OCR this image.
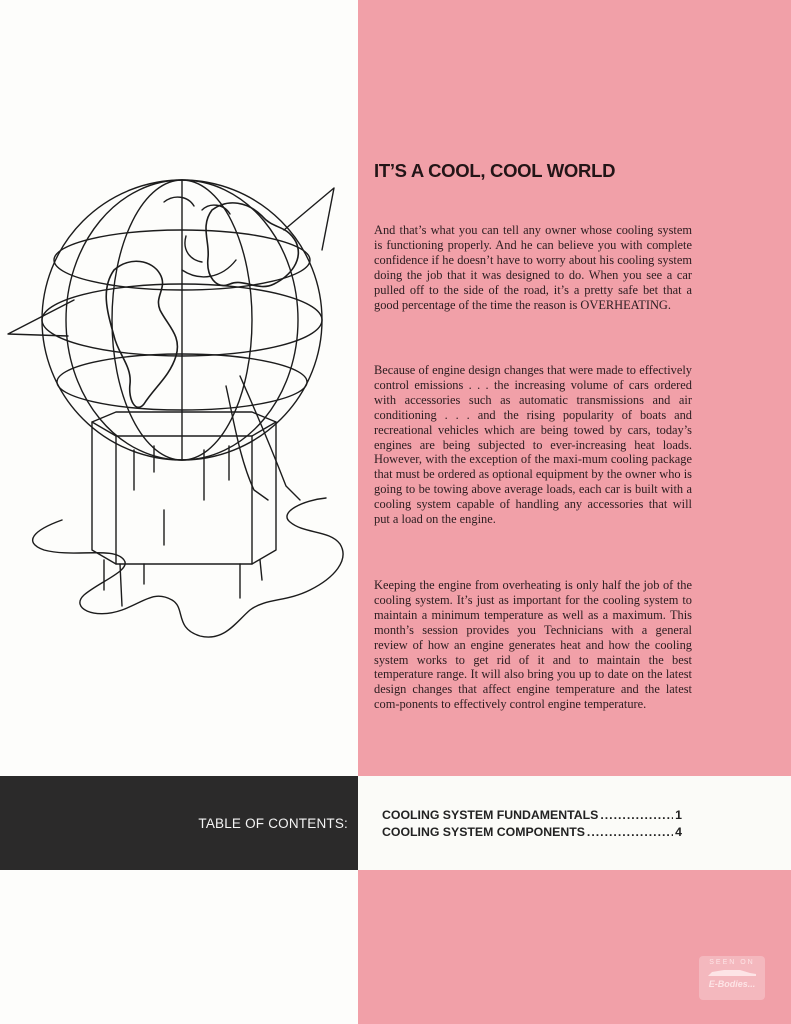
IT’S A COOL, COOL WORLD

And that’s what you can tell any owner whose cooling system is functioning properly. And he can believe you with complete confidence if he doesn’t have to worry about his cooling system doing the job that it was designed to do. When you see a car pulled off to the side of the road, it’s a pretty safe bet that a good percentage of the time the reason is OVERHEATING.

Because of engine design changes that were made to effectively control emissions . . . the increasing volume of cars ordered with accessories such as automatic transmissions and air conditioning . . . and the rising popularity of boats and recreational vehicles which are being towed by cars, today’s engines are being subjected to ever-increasing heat loads. However, with the exception of the maxi-mum cooling package that must be ordered as optional equipment by the owner who is going to be towing above average loads, each car is built with a cooling system capable of handling any accessories that will put a load on the engine.

Keeping the engine from overheating is only half the job of the cooling system. It’s just as important for the cooling system to maintain a minimum temperature as well as a maximum. This month’s session provides you Technicians with a general review of how an engine generates heat and how the cooling system works to get rid of it and to maintain the best temperature range. It will also bring you up to date on the latest design changes that affect engine temperature and the latest com-ponents to effectively control engine temperature.

TABLE OF CONTENTS:

COOLING SYSTEM FUNDAMENTALS .....	1
COOLING SYSTEM COMPONENTS .....	4
SEEN ON
E-Bodies...
